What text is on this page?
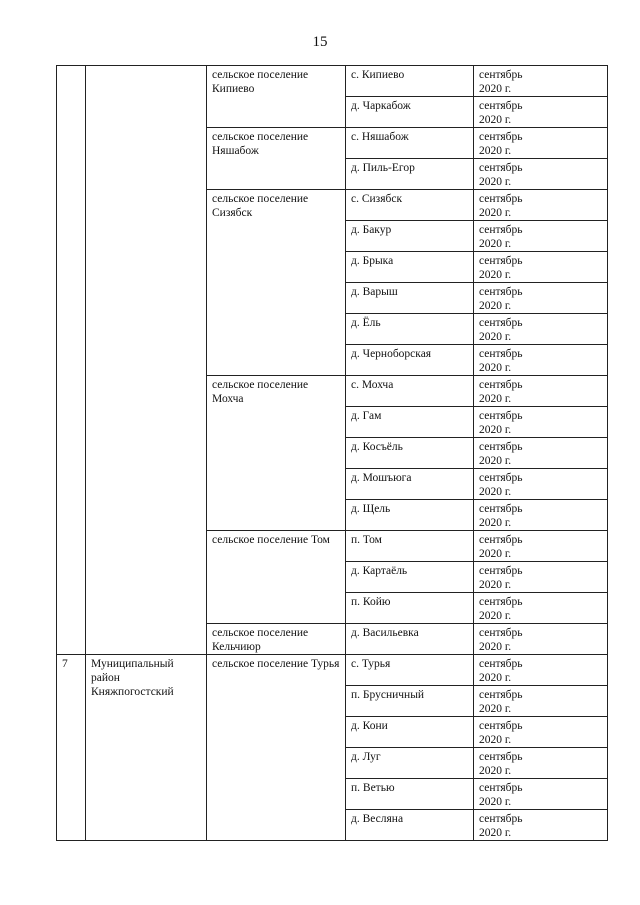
15
		сельское поселение Кипиево	с. Кипиево	сентябрь
2020 г.

			д. Чаркабож	сентябрь
2020 г.

		сельское поселение Няшабож	с. Няшабож	сентябрь
2020 г.

			д. Пиль-Егор	сентябрь
2020 г.

		сельское поселение Сизябск	с. Сизябск	сентябрь
2020 г.

			д. Бакур	сентябрь
2020 г.

			д. Брыка	сентябрь
2020 г.

			д. Варыш	сентябрь
2020 г.

			д. Ёль	сентябрь
2020 г.

			д. Черноборская	сентябрь
2020 г.

		сельское поселение Мохча	с. Мохча	сентябрь
2020 г.

			д. Гам	сентябрь
2020 г.

			д. Косъёль	сентябрь
2020 г.

			д. Мошъюга	сентябрь
2020 г.

			д. Щель	сентябрь
2020 г.

		сельское поселение Том	п. Том	сентябрь
2020 г.

			д. Картаёль	сентябрь
2020 г.

			п. Койю	сентябрь
2020 г.

		сельское поселение Кельчиюр	д. Васильевка	сентябрь
2020 г.

7	Муниципальный район Княжпогостский	сельское поселение Турья	с. Турья	сентябрь
2020 г.

			п. Брусничный	сентябрь
2020 г.

			д. Кони	сентябрь
2020 г.

			д. Луг	сентябрь
2020 г.

			п. Ветью	сентябрь
2020 г.

			д. Весляна	сентябрь
2020 г.
